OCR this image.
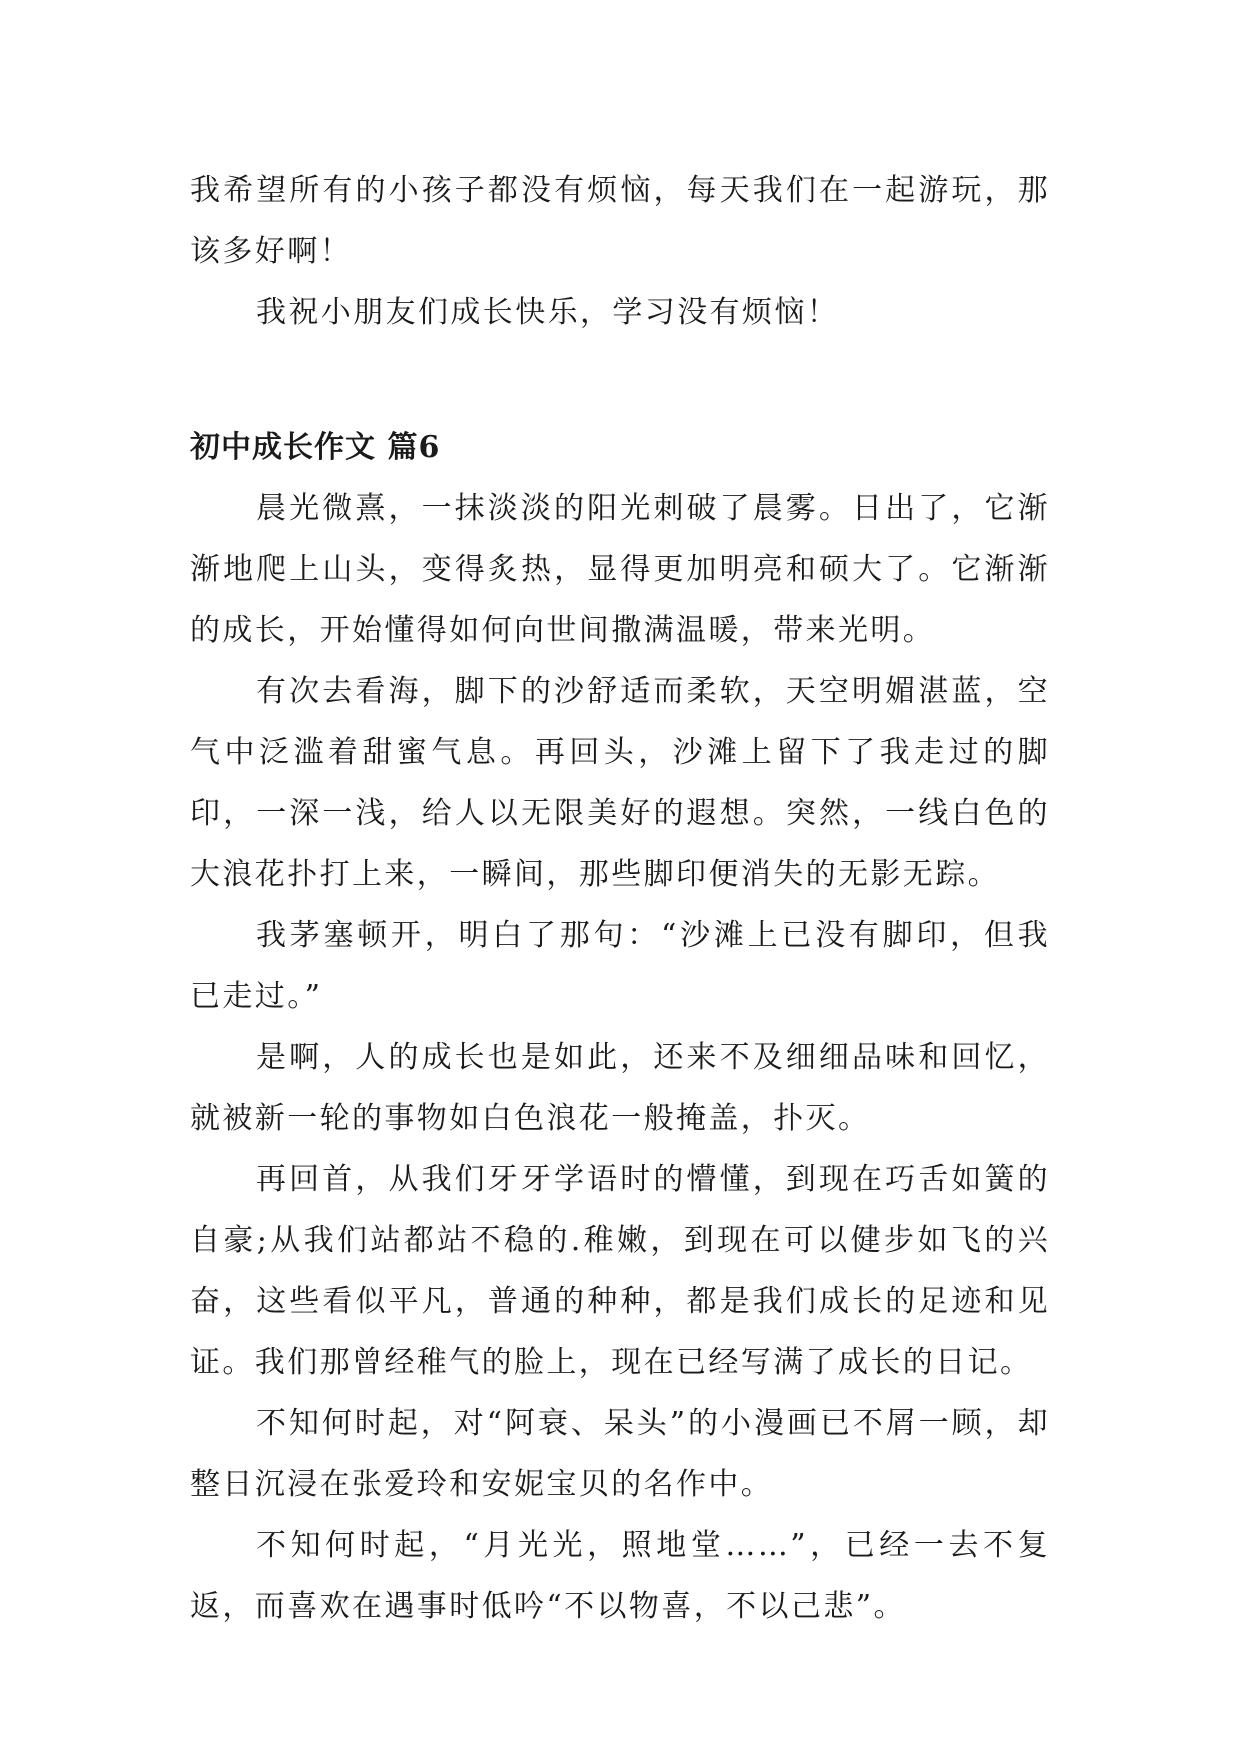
我希望所有的小孩子都没有烦恼，每天我们在一起游玩，那该多好啊！

我祝小朋友们成长快乐，学习没有烦恼！

初中成长作文 篇6

晨光微熹，一抹淡淡的阳光刺破了晨雾。日出了，它渐渐地爬上山头，变得炙热，显得更加明亮和硕大了。它渐渐的成长，开始懂得如何向世间撒满温暖，带来光明。

有次去看海，脚下的沙舒适而柔软，天空明媚湛蓝，空气中泛滥着甜蜜气息。再回头，沙滩上留下了我走过的脚印，一深一浅，给人以无限美好的遐想。突然，一线白色的大浪花扑打上来，一瞬间，那些脚印便消失的无影无踪。

我茅塞顿开，明白了那句：“沙滩上已没有脚印，但我已走过。”

是啊，人的成长也是如此，还来不及细细品味和回忆，就被新一轮的事物如白色浪花一般掩盖，扑灭。

再回首，从我们牙牙学语时的懵懂，到现在巧舌如簧的自豪;从我们站都站不稳的.稚嫩，到现在可以健步如飞的兴奋，这些看似平凡，普通的种种，都是我们成长的足迹和见证。我们那曾经稚气的脸上，现在已经写满了成长的日记。

不知何时起，对“阿衰、呆头”的小漫画已不屑一顾，却整日沉浸在张爱玲和安妮宝贝的名作中。

不知何时起，“月光光，照地堂……”，已经一去不复返，而喜欢在遇事时低吟“不以物喜，不以己悲”。
